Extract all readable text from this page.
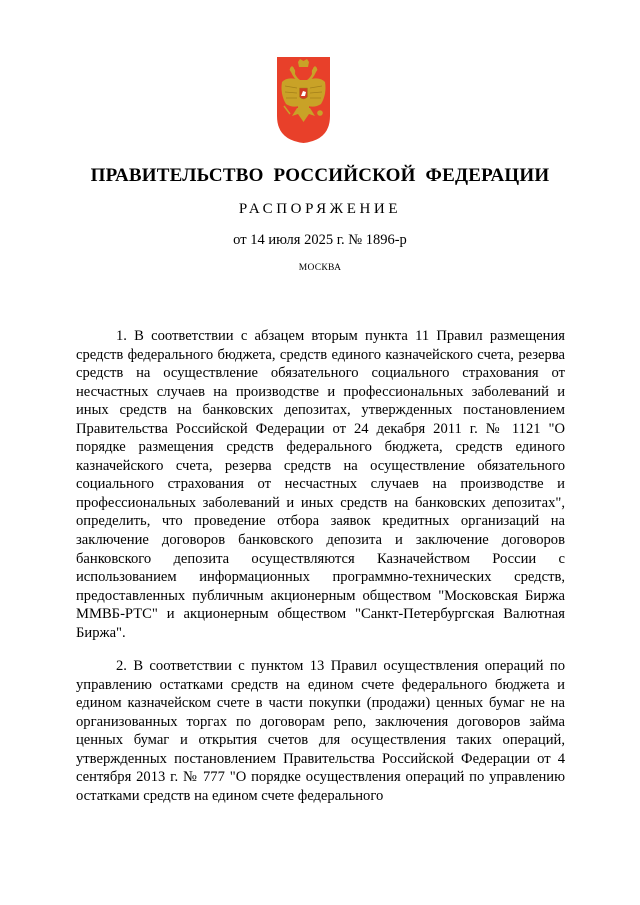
ПРАВИТЕЛЬСТВО РОССИЙСКОЙ ФЕДЕРАЦИИ
РАСПОРЯЖЕНИЕ
от 14 июля 2025 г. № 1896-р
МОСКВА

1. В соответствии с абзацем вторым пункта 11 Правил размещения средств федерального бюджета, средств единого казначейского счета, резерва средств на осуществление обязательного социального страхования от несчастных случаев на производстве и профессиональных заболеваний и иных средств на банковских депозитах, утвержденных постановлением Правительства Российской Федерации от 24 декабря 2011 г. № 1121 "О порядке размещения средств федерального бюджета, средств единого казначейского счета, резерва средств на осуществление обязательного социального страхования от несчастных случаев на производстве и профессиональных заболеваний и иных средств на банковских депозитах", определить, что проведение отбора заявок кредитных организаций на заключение договоров банковского депозита и заключение договоров банковского депозита осуществляются Казначейством России с использованием информационных программно-технических средств, предоставленных публичным акционерным обществом "Московская Биржа ММВБ-РТС" и акционерным обществом "Санкт-Петербургская Валютная Биржа".

2. В соответствии с пунктом 13 Правил осуществления операций по управлению остатками средств на едином счете федерального бюджета и едином казначейском счете в части покупки (продажи) ценных бумаг не на организованных торгах по договорам репо, заключения договоров займа ценных бумаг и открытия счетов для осуществления таких операций, утвержденных постановлением Правительства Российской Федерации от 4 сентября 2013 г. № 777 "О порядке осуществления операций по управлению остатками средств на едином счете федерального
